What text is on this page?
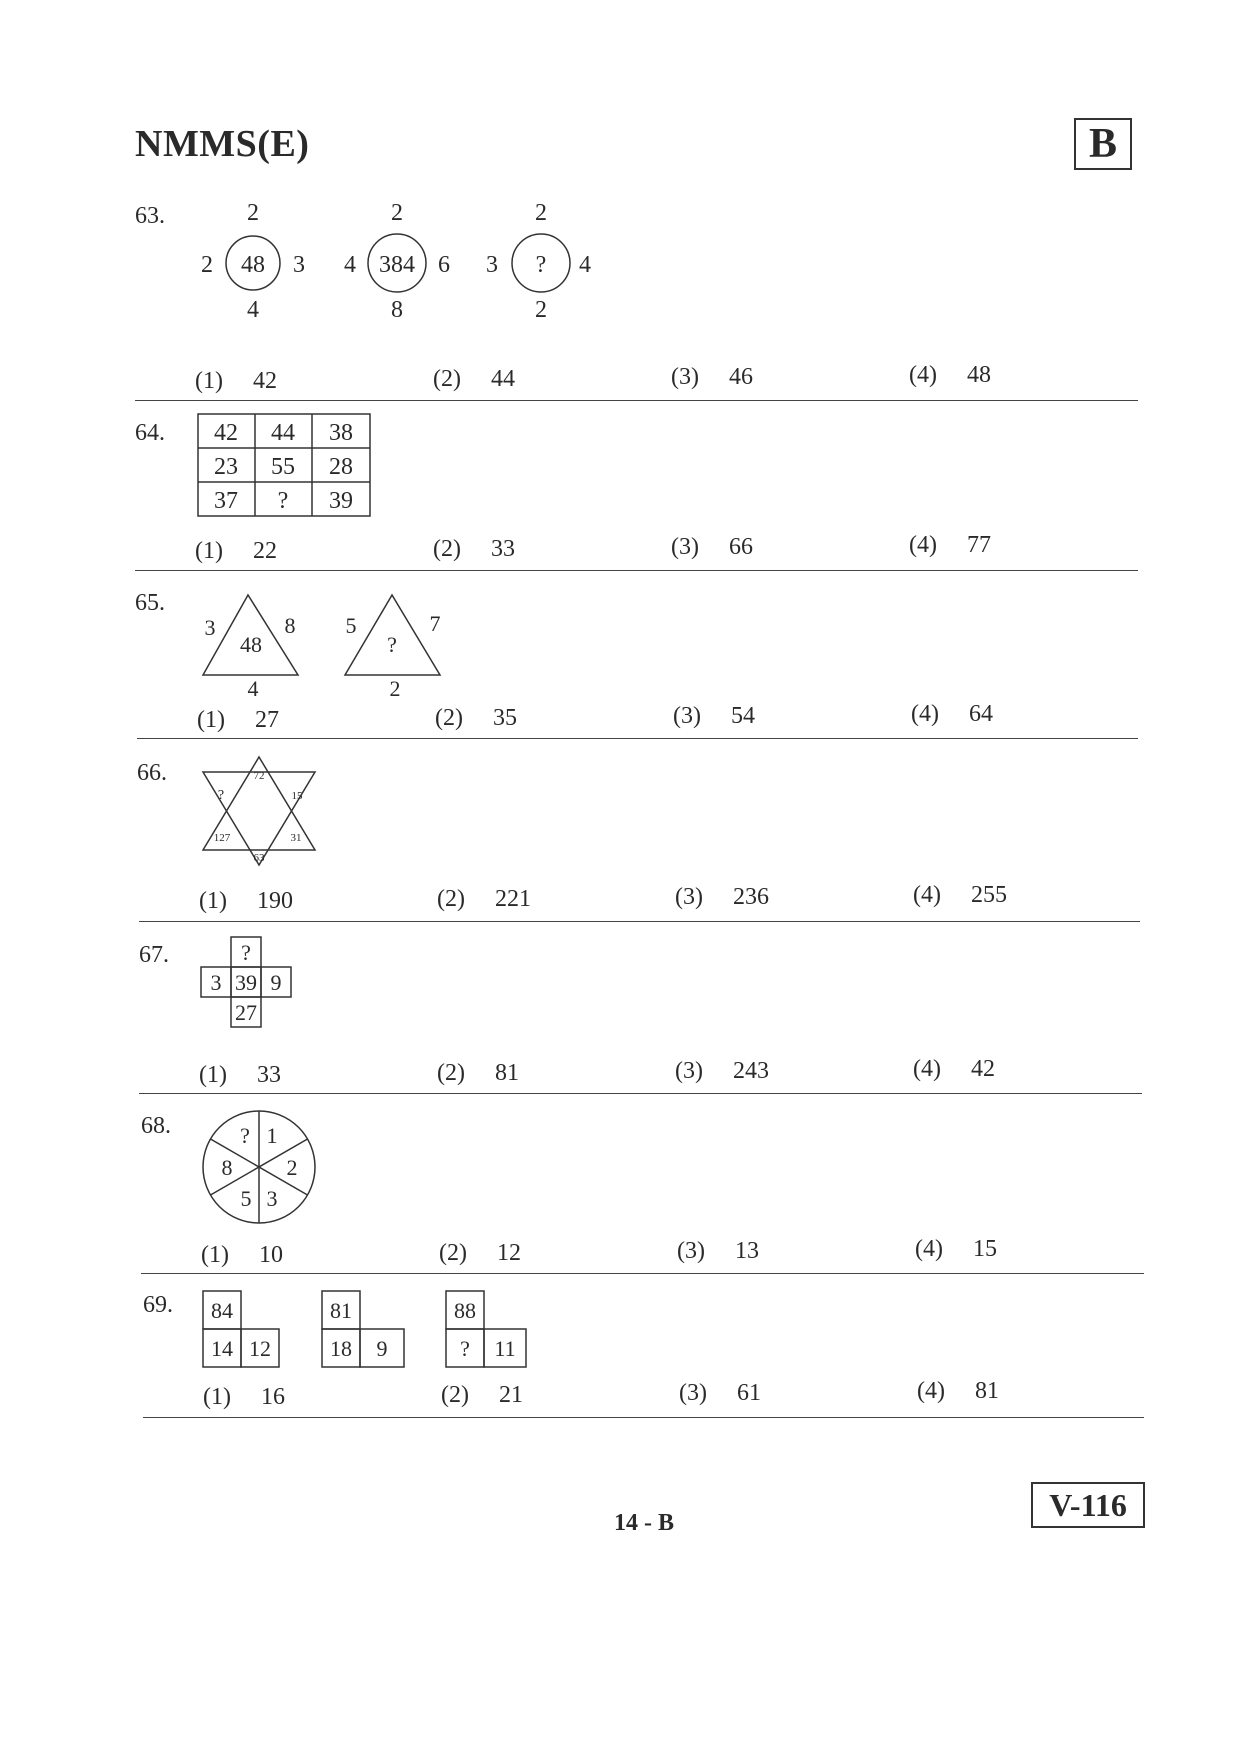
NMMS(E)	B
63.	2
2 48 3
4
2
4 384 6
8
2
3 ? 4
2
(1) 42	(2) 44	(3) 46	(4) 48
64. 42 44 38
23 55 28
37 ? 39
(1) 22	(2) 33	(3) 66	(4) 77
65.
3
48
8
4
5
?
7
2
(1) 27	(2) 35	(3) 54	(4) 64
66.	72
?	15
127	31
63
(1) 190	(2) 221	(3) 236	(4) 255
67.	?
3 39 9
27
(1) 33	(2) 81	(3) 243	(4) 42
68.	? 1
2
3
5
8
(1) 10	(2) 12	(3) 13	(4) 15
69. 84
14 12
81
18 9
88
? 11
(1) 16	(2) 21	(3) 61	(4) 81
V-116
14 - B
